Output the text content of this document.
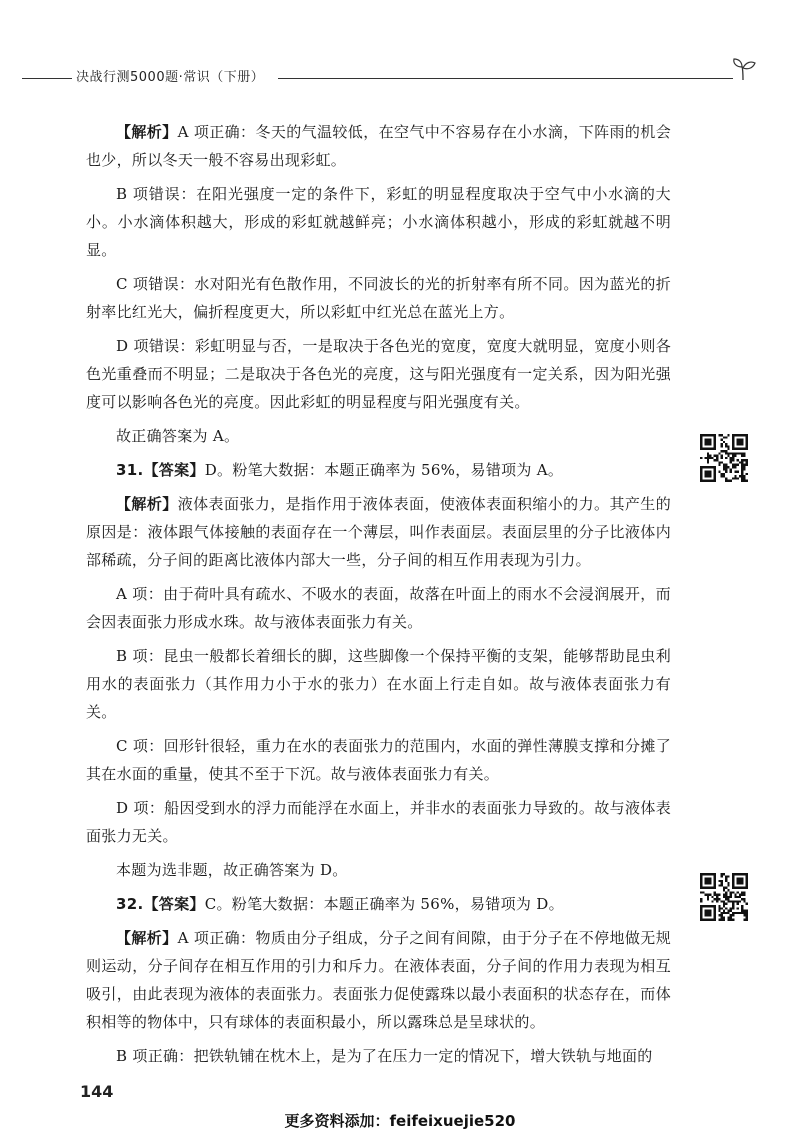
决战行测5000题·常识（下册）

【解析】A 项正确：冬天的气温较低，在空气中不容易存在小水滴，下阵雨的机会也少，所以冬天一般不容易出现彩虹。

B 项错误：在阳光强度一定的条件下，彩虹的明显程度取决于空气中小水滴的大小。小水滴体积越大，形成的彩虹就越鲜亮；小水滴体积越小，形成的彩虹就越不明显。

C 项错误：水对阳光有色散作用，不同波长的光的折射率有所不同。因为蓝光的折射率比红光大，偏折程度更大，所以彩虹中红光总在蓝光上方。

D 项错误：彩虹明显与否，一是取决于各色光的宽度，宽度大就明显，宽度小则各色光重叠而不明显；二是取决于各色光的亮度，这与阳光强度有一定关系，因为阳光强度可以影响各色光的亮度。因此彩虹的明显程度与阳光强度有关。

故正确答案为 A。

31.【答案】D。粉笔大数据：本题正确率为 56%，易错项为 A。

【解析】液体表面张力，是指作用于液体表面，使液体表面积缩小的力。其产生的原因是：液体跟气体接触的表面存在一个薄层，叫作表面层。表面层里的分子比液体内部稀疏，分子间的距离比液体内部大一些，分子间的相互作用表现为引力。

A 项：由于荷叶具有疏水、不吸水的表面，故落在叶面上的雨水不会浸润展开，而会因表面张力形成水珠。故与液体表面张力有关。

B 项：昆虫一般都长着细长的脚，这些脚像一个保持平衡的支架，能够帮助昆虫利用水的表面张力（其作用力小于水的张力）在水面上行走自如。故与液体表面张力有关。

C 项：回形针很轻，重力在水的表面张力的范围内，水面的弹性薄膜支撑和分摊了其在水面的重量，使其不至于下沉。故与液体表面张力有关。

D 项：船因受到水的浮力而能浮在水面上，并非水的表面张力导致的。故与液体表面张力无关。

本题为选非题，故正确答案为 D。

32.【答案】C。粉笔大数据：本题正确率为 56%，易错项为 D。

【解析】A 项正确：物质由分子组成，分子之间有间隙，由于分子在不停地做无规则运动，分子间存在相互作用的引力和斥力。在液体表面，分子间的作用力表现为相互吸引，由此表现为液体的表面张力。表面张力促使露珠以最小表面积的状态存在，而体积相等的物体中，只有球体的表面积最小，所以露珠总是呈球状的。

B 项正确：把铁轨铺在枕木上，是为了在压力一定的情况下，增大铁轨与地面的

144
更多资料添加：feifeixuejie520
